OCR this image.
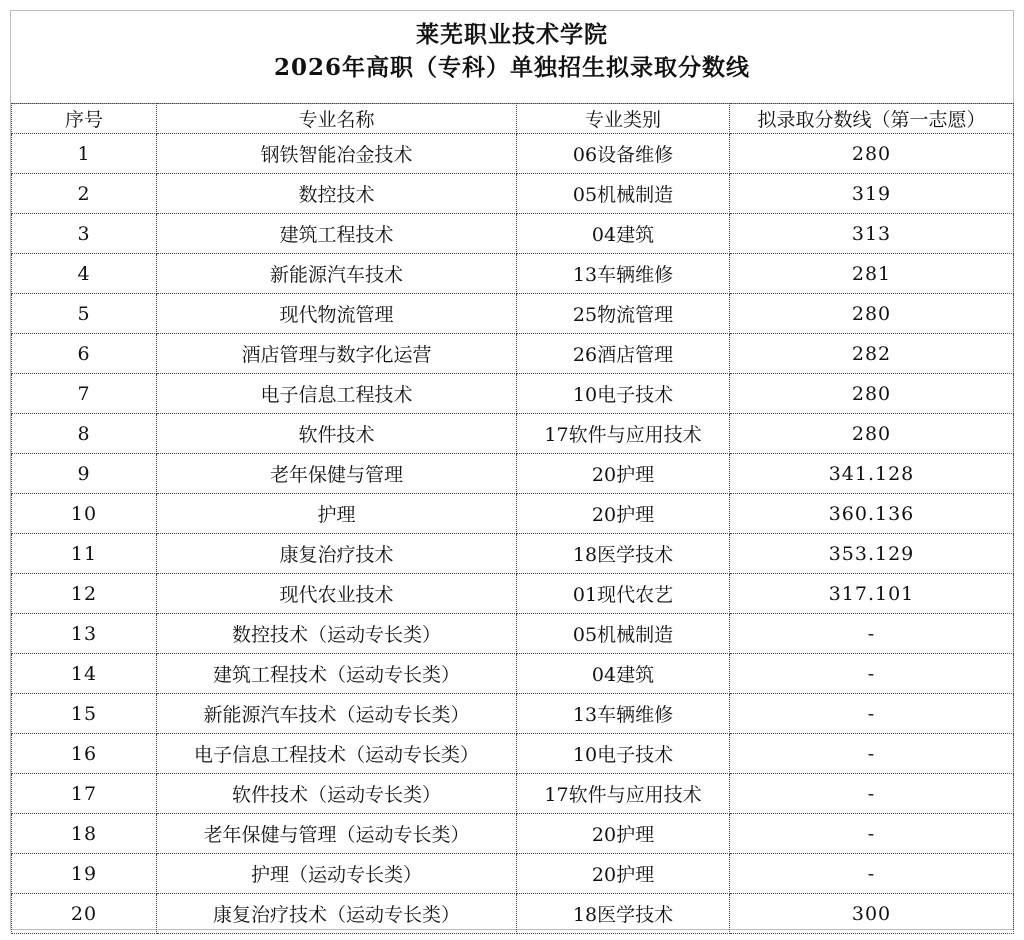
莱芜职业技术学院
2026年高职（专科）单独招生拟录取分数线
序号	专业名称	专业类别	拟录取分数线（第一志愿）
1	钢铁智能冶金技术	06设备维修	280
2	数控技术	05机械制造	319
3	建筑工程技术	04建筑	313
4	新能源汽车技术	13车辆维修	281
5	现代物流管理	25物流管理	280
6	酒店管理与数字化运营	26酒店管理	282
7	电子信息工程技术	10电子技术	280
8	软件技术	17软件与应用技术	280
9	老年保健与管理	20护理	341.128
10	护理	20护理	360.136
11	康复治疗技术	18医学技术	353.129
12	现代农业技术	01现代农艺	317.101
13	数控技术（运动专长类）	05机械制造	-
14	建筑工程技术（运动专长类）	04建筑	-
15	新能源汽车技术（运动专长类）	13车辆维修	-
16	电子信息工程技术（运动专长类）	10电子技术	-
17	软件技术（运动专长类）	17软件与应用技术	-
18	老年保健与管理（运动专长类）	20护理	-
19	护理（运动专长类）	20护理	-
20	康复治疗技术（运动专长类）	18医学技术	300
